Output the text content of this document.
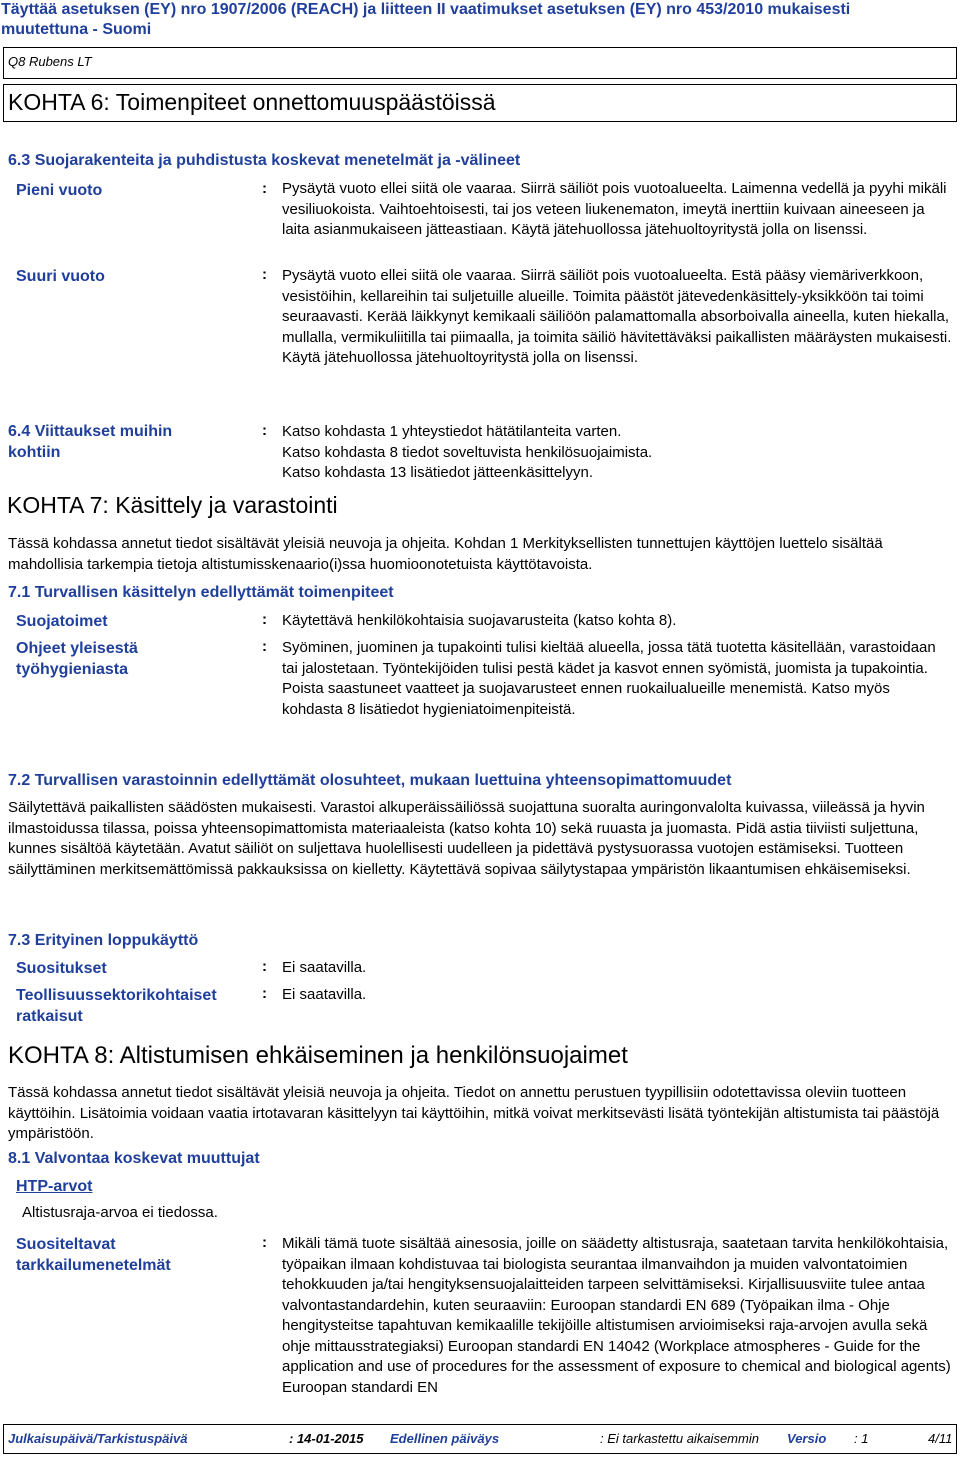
Täyttää asetuksen (EY) nro 1907/2006 (REACH) ja liitteen II vaatimukset asetuksen (EY) nro 453/2010 mukaisesti
muutettuna - Suomi
Q8 Rubens LT
KOHTA 6: Toimenpiteet onnettomuuspäästöissä
6.3 Suojarakenteita ja puhdistusta koskevat menetelmät ja -välineet
Pieni vuoto	: Pysäytä vuoto ellei siitä ole vaaraa. Siirrä säiliöt pois vuotoalueelta. Laimenna vedellä ja pyyhi mikäli vesiliuokoista. Vaihtoehtoisesti, tai jos veteen liukenematon, imeytä inerttiin kuivaan aineeseen ja laita asianmukaiseen jätteastiaan. Käytä jätehuollossa jätehuoltoyritystä jolla on lisenssi.
Suuri vuoto	: Pysäytä vuoto ellei siitä ole vaaraa. Siirrä säiliöt pois vuotoalueelta. Estä pääsy viemäriverkkoon, vesistöihin, kellareihin tai suljetuille alueille. Toimita päästöt jätevedenkäsittely-yksikköön tai toimi seuraavasti. Kerää läikkynyt kemikaali säiliöön palamattomalla absorboivalla aineella, kuten hiekalla, mullalla, vermikuliitilla tai piimaalla, ja toimita säiliö hävitettäväksi paikallisten määräysten mukaisesti. Käytä jätehuollossa jätehuoltoyritystä jolla on lisenssi.
6.4 Viittaukset muihin kohtiin
: Katso kohdasta 1 yhteystiedot hätätilanteita varten.
Katso kohdasta 8 tiedot soveltuvista henkilösuojaimista.
Katso kohdasta 13 lisätiedot jätteenkäsittelyyn.
KOHTA 7: Käsittely ja varastointi
Tässä kohdassa annetut tiedot sisältävät yleisiä neuvoja ja ohjeita. Kohdan 1 Merkityksellisten tunnettujen käyttöjen luettelo sisältää mahdollisia tarkempia tietoja altistumisskenaario(i)ssa huomioonotetuista käyttötavoista.
7.1 Turvallisen käsittelyn edellyttämät toimenpiteet
Suojatoimet	: Käytettävä henkilökohtaisia suojavarusteita (katso kohta 8).
Ohjeet yleisestä työhygieniasta
: Syöminen, juominen ja tupakointi tulisi kieltää alueella, jossa tätä tuotetta käsitellään, varastoidaan tai jalostetaan. Työntekijöiden tulisi pestä kädet ja kasvot ennen syömistä, juomista ja tupakointia. Poista saastuneet vaatteet ja suojavarusteet ennen ruokailualueille menemistä. Katso myös kohdasta 8 lisätiedot hygieniatoimenpiteistä.
7.2 Turvallisen varastoinnin edellyttämät olosuhteet, mukaan luettuina yhteensopimattomuudet
Säilytettävä paikallisten säädösten mukaisesti. Varastoi alkuperäissäiliössä suojattuna suoralta auringonvalolta kuivassa, viileässä ja hyvin ilmastoidussa tilassa, poissa yhteensopimattomista materiaaleista (katso kohta 10) sekä ruuasta ja juomasta. Pidä astia tiiviisti suljettuna, kunnes sisältöä käytetään. Avatut säiliöt on suljettava huolellisesti uudelleen ja pidettävä pystysuorassa vuotojen estämiseksi. Tuotteen säilyttäminen merkitsemättömissä pakkauksissa on kielletty. Käytettävä sopivaa säilytystapaa ympäristön likaantumisen ehkäisemiseksi.
7.3 Erityinen loppukäyttö
Suositukset	: Ei saatavilla.
Teollisuussektorikohtaiset ratkaisut
: Ei saatavilla.
KOHTA 8: Altistumisen ehkäiseminen ja henkilönsuojaimet
Tässä kohdassa annetut tiedot sisältävät yleisiä neuvoja ja ohjeita. Tiedot on annettu perustuen tyypillisiin odotettavissa oleviin tuotteen käyttöihin. Lisätoimia voidaan vaatia irtotavaran käsittelyyn tai käyttöihin, mitkä voivat merkitsevästi lisätä työntekijän altistumista tai päästöjä ympäristöön.
8.1 Valvontaa koskevat muuttujat
HTP-arvot
Altistusraja-arvoa ei tiedossa.
Suositeltavat tarkkailumenetelmät
: Mikäli tämä tuote sisältää ainesosia, joille on säädetty altistusraja, saatetaan tarvita henkilökohtaisia, työpaikan ilmaan kohdistuvaa tai biologista seurantaa ilmanvaihdon ja muiden valvontatoimien tehokkuuden ja/tai hengityksensuojalaitteiden tarpeen selvittämiseksi. Kirjallisuusviite tulee antaa valvontastandardehin, kuten seuraaviin: Euroopan standardi EN 689 (Työpaikan ilma - Ohje hengitysteitse tapahtuvan kemikaalille tekijöille altistumisen arvioimiseksi raja-arvojen avulla sekä ohje mittausstrategiaksi) Euroopan standardi EN 14042 (Workplace atmospheres - Guide for the application and use of procedures for the assessment of exposure to chemical and biological agents) Euroopan standardi EN
Julkaisupäivä/Tarkistuspäivä	: 14-01-2015 Edellinen päiväys	: Ei tarkastettu aikaisemmin Versio : 1	4/11
